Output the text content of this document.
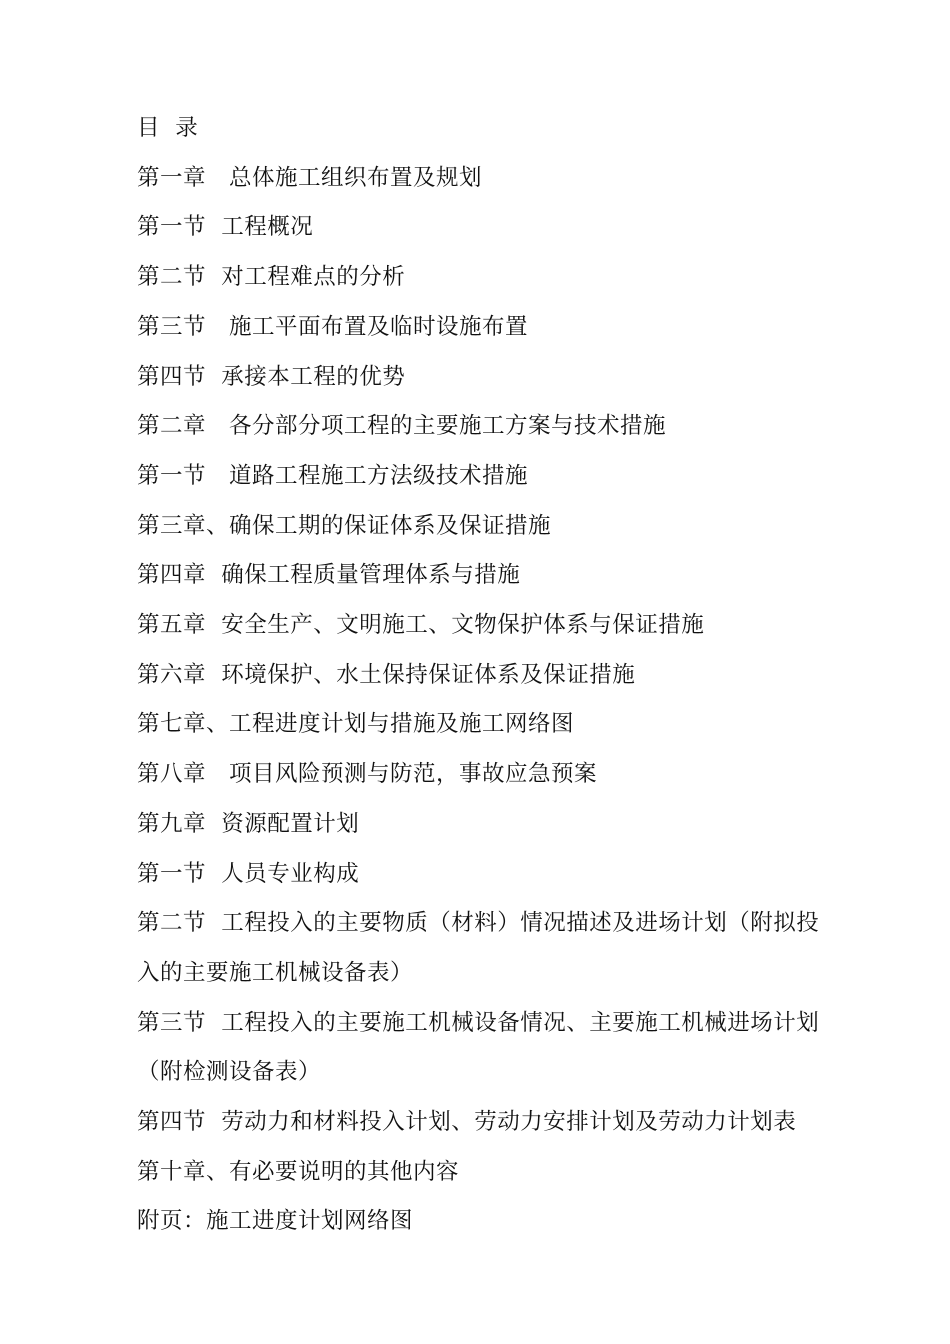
目  录
第一章   总体施工组织布置及规划
第一节  工程概况
第二节  对工程难点的分析
第三节   施工平面布置及临时设施布置
第四节  承接本工程的优势
第二章   各分部分项工程的主要施工方案与技术措施
第一节   道路工程施工方法级技术措施
第三章、确保工期的保证体系及保证措施
第四章  确保工程质量管理体系与措施
第五章  安全生产、文明施工、文物保护体系与保证措施
第六章  环境保护、水土保持保证体系及保证措施
第七章、工程进度计划与措施及施工网络图
第八章   项目风险预测与防范，事故应急预案
第九章  资源配置计划
第一节  人员专业构成
第二节  工程投入的主要物质（材料）情况描述及进场计划（附拟投
入的主要施工机械设备表）
第三节  工程投入的主要施工机械设备情况、主要施工机械进场计划
（附检测设备表）
第四节  劳动力和材料投入计划、劳动力安排计划及劳动力计划表
第十章、有必要说明的其他内容
附页：施工进度计划网络图
